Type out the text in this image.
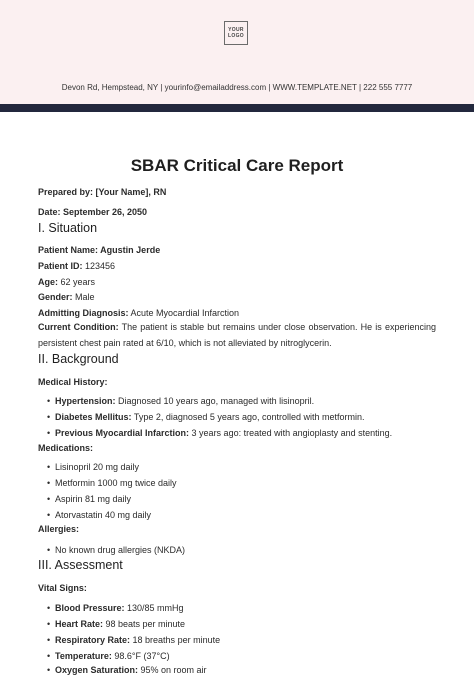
YOUR
LOGO
Devon Rd, Hempstead, NY | yourinfo@emailaddress.com | WWW.TEMPLATE.NET | 222 555 7777
SBAR Critical Care Report
Prepared by: [Your Name], RN
Date: September 26, 2050
I. Situation
Patient Name: Agustin Jerde
Patient ID: 123456
Age: 62 years
Gender: Male
Admitting Diagnosis: Acute Myocardial Infarction
Current Condition: The patient is stable but remains under close observation. He is experiencing persistent chest pain rated at 6/10, which is not alleviated by nitroglycerin.
II. Background
Medical History:
• Hypertension: Diagnosed 10 years ago, managed with lisinopril.
• Diabetes Mellitus: Type 2, diagnosed 5 years ago, controlled with metformin.
• Previous Myocardial Infarction: 3 years ago: treated with angioplasty and stenting.
Medications:
• Lisinopril 20 mg daily
• Metformin 1000 mg twice daily
• Aspirin 81 mg daily
• Atorvastatin 40 mg daily
Allergies:
• No known drug allergies (NKDA)
III. Assessment
Vital Signs:
• Blood Pressure: 130/85 mmHg
• Heart Rate: 98 beats per minute
• Respiratory Rate: 18 breaths per minute
• Temperature: 98.6°F (37°C)
• Oxygen Saturation: 95% on room air
